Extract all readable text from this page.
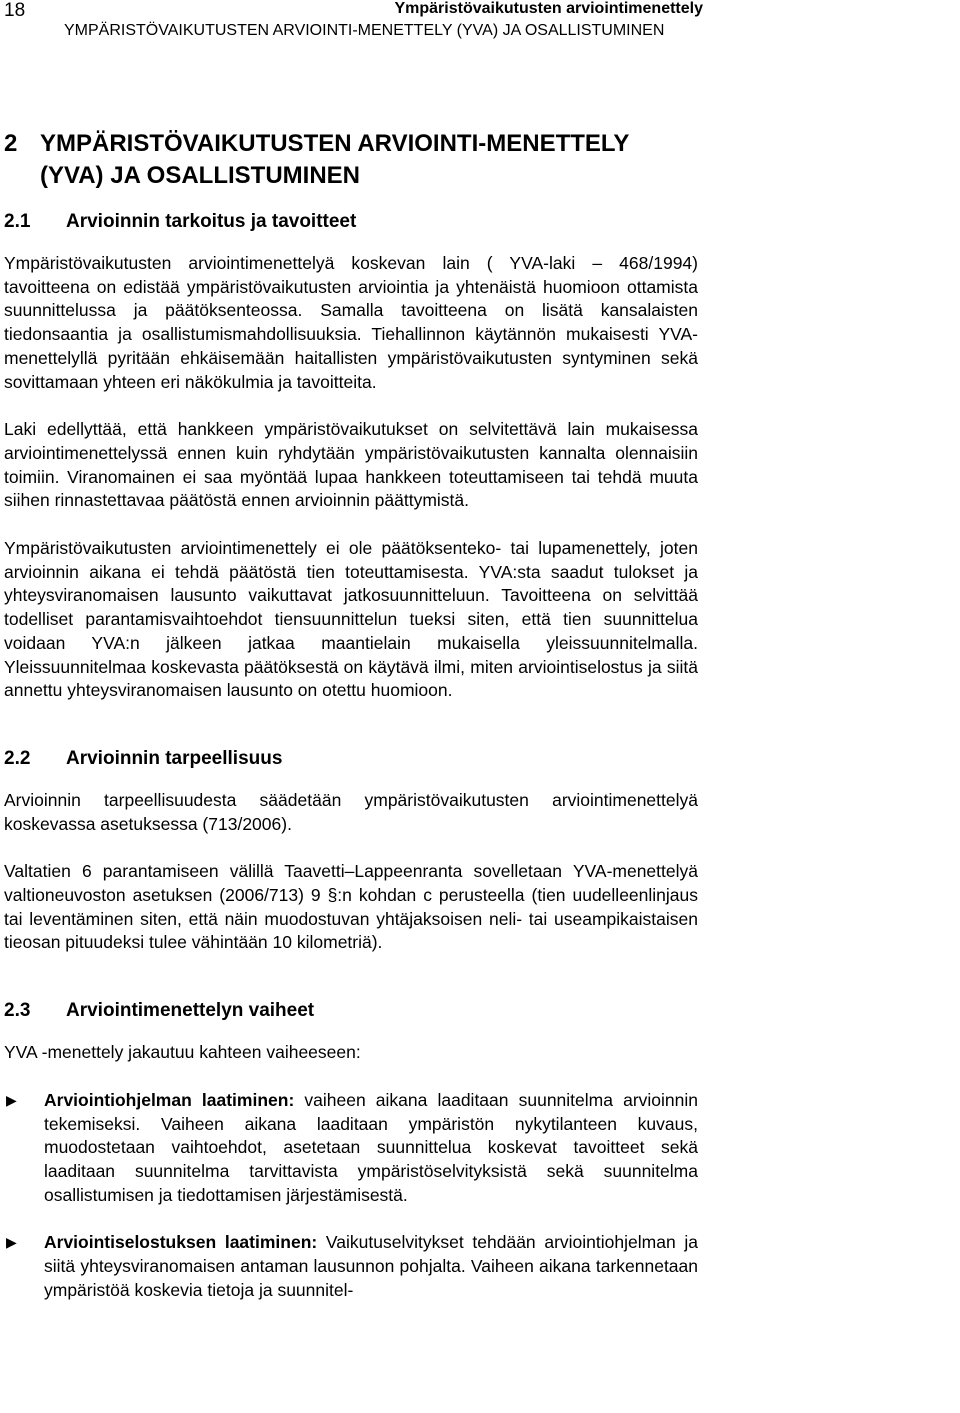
18	Ympäristövaikutusten arviointimenettely
YMPÄRISTÖVAIKUTUSTEN ARVIOINTI-MENETTELY (YVA) JA OSALLISTUMINEN
2 YMPÄRISTÖVAIKUTUSTEN ARVIOINTI-MENETTELY (YVA) JA OSALLISTUMINEN
2.1	Arvioinnin tarkoitus ja tavoitteet

Ympäristövaikutusten arviointimenettelyä koskevan lain ( YVA-laki – 468/1994) tavoitteena on edistää ympäristövaikutusten arviointia ja yhtenäistä huomioon ottamista suunnittelussa ja päätöksenteossa. Samalla tavoitteena on lisätä kansalaisten tiedonsaantia ja osallistumismahdollisuuksia. Tiehallinnon käytännön mukaisesti YVA-menettelyllä pyritään ehkäisemään haitallisten ympäristövaikutusten syntyminen sekä sovittamaan yhteen eri näkökulmia ja tavoitteita.

Laki edellyttää, että hankkeen ympäristövaikutukset on selvitettävä lain mukaisessa arviointimenettelyssä ennen kuin ryhdytään ympäristövaikutusten kannalta olennaisiin toimiin. Viranomainen ei saa myöntää lupaa hankkeen toteuttamiseen tai tehdä muuta siihen rinnastettavaa päätöstä ennen arvioinnin päättymistä.

Ympäristövaikutusten arviointimenettely ei ole päätöksenteko- tai lupamenettely, joten arvioinnin aikana ei tehdä päätöstä tien toteuttamisesta. YVA:sta saadut tulokset ja yhteysviranomaisen lausunto vaikuttavat jatkosuunnitteluun. Tavoitteena on selvittää todelliset parantamisvaihtoehdot tiensuunnittelun tueksi siten, että tien suunnittelua voidaan YVA:n jälkeen jatkaa maantielain mukaisella yleissuunnitelmalla. Yleissuunnitelmaa koskevasta päätöksestä on käytävä ilmi, miten arviointiselostus ja siitä annettu yhteysviranomaisen lausunto on otettu huomioon.

2.2	Arvioinnin tarpeellisuus

Arvioinnin tarpeellisuudesta säädetään ympäristövaikutusten arviointimenettelyä koskevassa asetuksessa (713/2006).

Valtatien 6 parantamiseen välillä Taavetti–Lappeenranta sovelletaan YVA-menettelyä valtioneuvoston asetuksen (2006/713) 9 §:n kohdan c perusteella (tien uudelleenlinjaus tai leventäminen siten, että näin muodostuvan yhtäjaksoisen neli- tai useampikaistaisen tieosan pituudeksi tulee vähintään 10 kilometriä).

2.3	Arviointimenettelyn vaiheet

YVA -menettely jakautuu kahteen vaiheeseen:

▶	Arviointiohjelman laatiminen: vaiheen aikana laaditaan suunnitelma arvioinnin tekemiseksi. Vaiheen aikana laaditaan ympäristön nykytilanteen kuvaus, muodostetaan vaihtoehdot, asetetaan suunnittelua koskevat tavoitteet sekä laaditaan suunnitelma tarvittavista ympäristöselvityksistä sekä suunnitelma osallistumisen ja tiedottamisen järjestämisestä.
▶	Arviointiselostuksen laatiminen: Vaikutuselvitykset tehdään arviointiohjelman ja siitä yhteysviranomaisen antaman lausunnon pohjalta. Vaiheen aikana tarkennetaan ympäristöä koskevia tietoja ja suunnitel-
